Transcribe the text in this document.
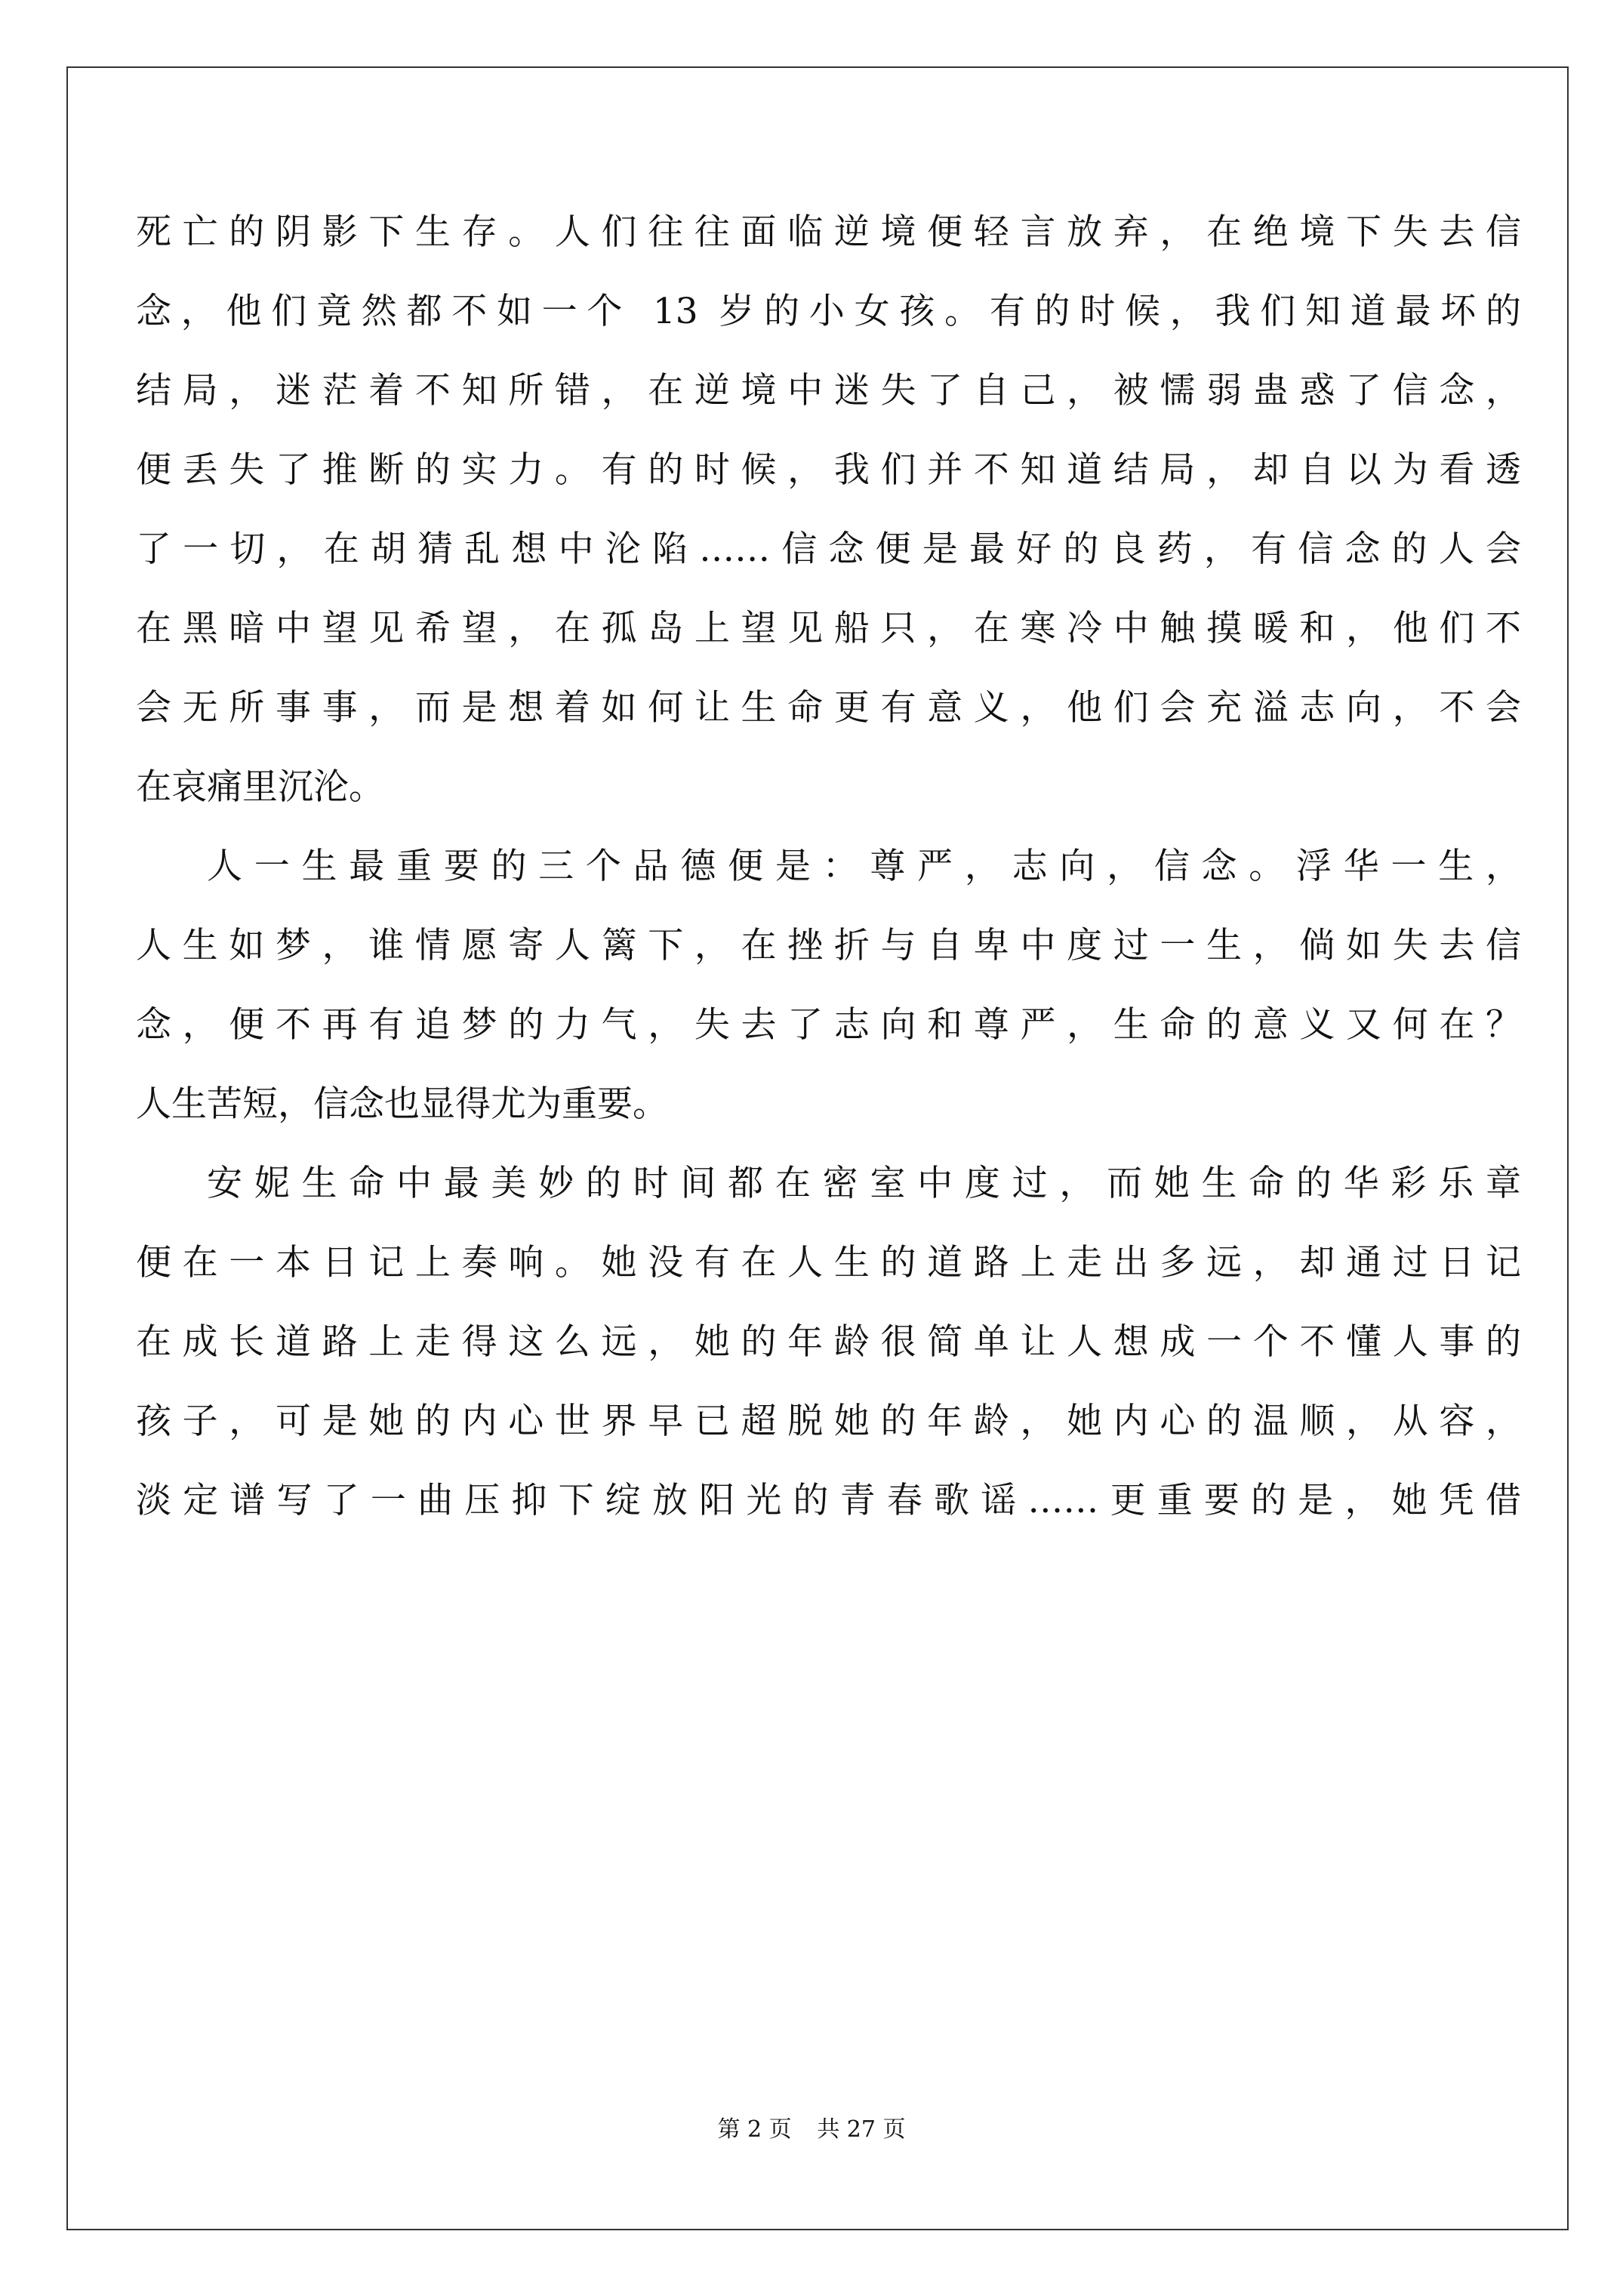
死亡的阴影下生存。人们往往面临逆境便轻言放弃，在绝境下失去信
念，他们竟然都不如一个 13 岁的小女孩。有的时候，我们知道最坏的
结局，迷茫着不知所错，在逆境中迷失了自己，被懦弱蛊惑了信念，
便丢失了推断的实力。有的时候，我们并不知道结局，却自以为看透
了一切，在胡猜乱想中沦陷……信念便是最好的良药，有信念的人会
在黑暗中望见希望，在孤岛上望见船只，在寒冷中触摸暖和，他们不
会无所事事，而是想着如何让生命更有意义，他们会充溢志向，不会
在哀痛里沉沦。
人一生最重要的三个品德便是：尊严，志向，信念。浮华一生，
人生如梦，谁情愿寄人篱下，在挫折与自卑中度过一生，倘如失去信
念，便不再有追梦的力气，失去了志向和尊严，生命的意义又何在？
人生苦短，信念也显得尤为重要。
安妮生命中最美妙的时间都在密室中度过，而她生命的华彩乐章
便在一本日记上奏响。她没有在人生的道路上走出多远，却通过日记
在成长道路上走得这么远，她的年龄很简单让人想成一个不懂人事的
孩子，可是她的内心世界早已超脱她的年龄，她内心的温顺，从容，
淡定谱写了一曲压抑下绽放阳光的青春歌谣……更重要的是，她凭借
第 2 页 共 27 页
